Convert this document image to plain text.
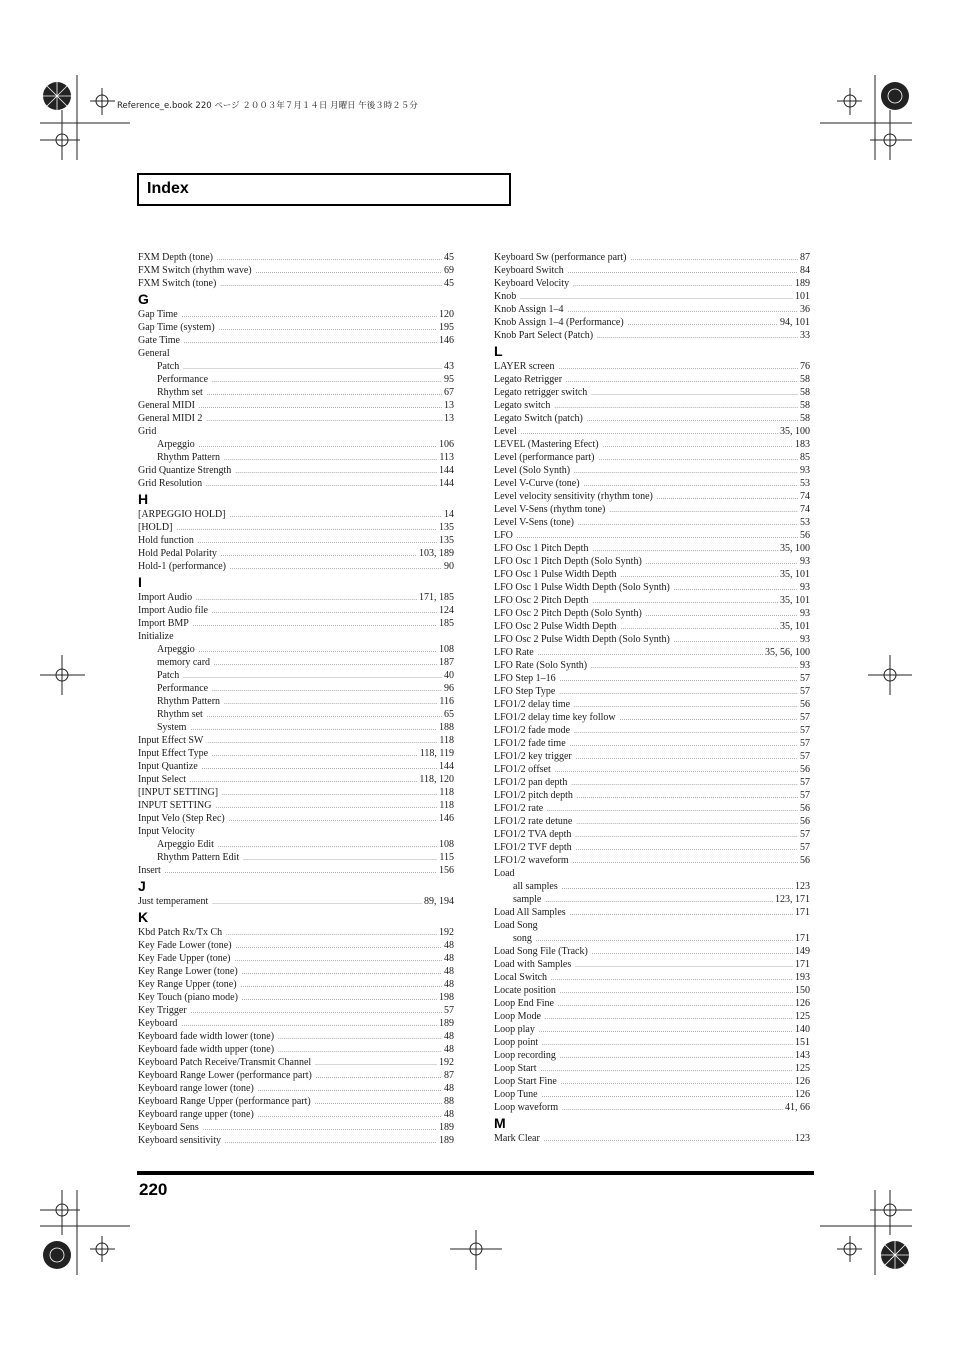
Reference_e.book 220 ページ ２００３年７月１４日 月曜日 午後３時２５分
Index
FXM Depth (tone) .....	45
FXM Switch (rhythm wave) .....	69
FXM Switch (tone) .....	45
G
Gap Time .....	120
Gap Time (system) .....	195
Gate Time .....	146
General
Patch .....	43
Performance .....	95
Rhythm set .....	67
General MIDI .....	13
General MIDI 2 .....	13
Grid
Arpeggio .....	106
Rhythm Pattern .....	113
Grid Quantize Strength .....	144
Grid Resolution .....	144
H
[ARPEGGIO HOLD] .....	14
[HOLD] .....	135
Hold function .....	135
Hold Pedal Polarity .....	103, 189
Hold-1 (performance) .....	90
I
Import Audio .....	171, 185
Import Audio file .....	124
Import BMP .....	185
Initialize
Arpeggio .....	108
memory card .....	187
Patch .....	40
Performance .....	96
Rhythm Pattern .....	116
Rhythm set .....	65
System .....	188
Input Effect SW .....	118
Input Effect Type .....	118, 119
Input Quantize .....	144
Input Select .....	118, 120
[INPUT SETTING] .....	118
INPUT SETTING .....	118
Input Velo (Step Rec) .....	146
Input Velocity
Arpeggio Edit .....	108
Rhythm Pattern Edit .....	115
Insert .....	156
J
Just temperament .....	89, 194
K
Kbd Patch Rx/Tx Ch .....	192
Key Fade Lower (tone) .....	48
Key Fade Upper (tone) .....	48
Key Range Lower (tone) .....	48
Key Range Upper (tone) .....	48
Key Touch (piano mode) .....	198
Key Trigger .....	57
Keyboard .....	189
Keyboard fade width lower (tone) .....	48
Keyboard fade width upper (tone) .....	48
Keyboard Patch Receive/Transmit Channel .....	192
Keyboard Range Lower (performance part) .....	87
Keyboard range lower (tone) .....	48
Keyboard Range Upper (performance part) .....	88
Keyboard range upper (tone) .....	48
Keyboard Sens .....	189
Keyboard sensitivity .....	189
Keyboard Sw (performance part) .....	87
Keyboard Switch .....	84
Keyboard Velocity .....	189
Knob .....	101
Knob Assign 1–4 .....	36
Knob Assign 1–4 (Performance) .....	94, 101
Knob Part Select (Patch) .....	33
L
LAYER screen .....	76
Legato Retrigger .....	58
Legato retrigger switch .....	58
Legato switch .....	58
Legato Switch (patch) .....	58
Level .....	35, 100
LEVEL (Mastering Efect) .....	183
Level (performance part) .....	85
Level (Solo Synth) .....	93
Level V-Curve (tone) .....	53
Level velocity sensitivity (rhythm tone) .....	74
Level V-Sens (rhythm tone) .....	74
Level V-Sens (tone) .....	53
LFO .....	56
LFO Osc 1 Pitch Depth .....	35, 100
LFO Osc 1 Pitch Depth (Solo Synth) .....	93
LFO Osc 1 Pulse Width Depth .....	35, 101
LFO Osc 1 Pulse Width Depth (Solo Synth) .....	93
LFO Osc 2 Pitch Depth .....	35, 101
LFO Osc 2 Pitch Depth (Solo Synth) .....	93
LFO Osc 2 Pulse Width Depth .....	35, 101
LFO Osc 2 Pulse Width Depth (Solo Synth) .....	93
LFO Rate .....	35, 56, 100
LFO Rate (Solo Synth) .....	93
LFO Step 1–16 .....	57
LFO Step Type .....	57
LFO1/2 delay time .....	56
LFO1/2 delay time key follow .....	57
LFO1/2 fade mode .....	57
LFO1/2 fade time .....	57
LFO1/2 key trigger .....	57
LFO1/2 offset .....	56
LFO1/2 pan depth .....	57
LFO1/2 pitch depth .....	57
LFO1/2 rate .....	56
LFO1/2 rate detune .....	56
LFO1/2 TVA depth .....	57
LFO1/2 TVF depth .....	57
LFO1/2 waveform .....	56
Load
all samples .....	123
sample .....	123, 171
Load All Samples .....	171
Load Song
song .....	171
Load Song File (Track) .....	149
Load with Samples .....	171
Local Switch .....	193
Locate position .....	150
Loop End Fine .....	126
Loop Mode .....	125
Loop play .....	140
Loop point .....	151
Loop recording .....	143
Loop Start .....	125
Loop Start Fine .....	126
Loop Tune .....	126
Loop waveform .....	41, 66
M
Mark Clear .....	123
220
